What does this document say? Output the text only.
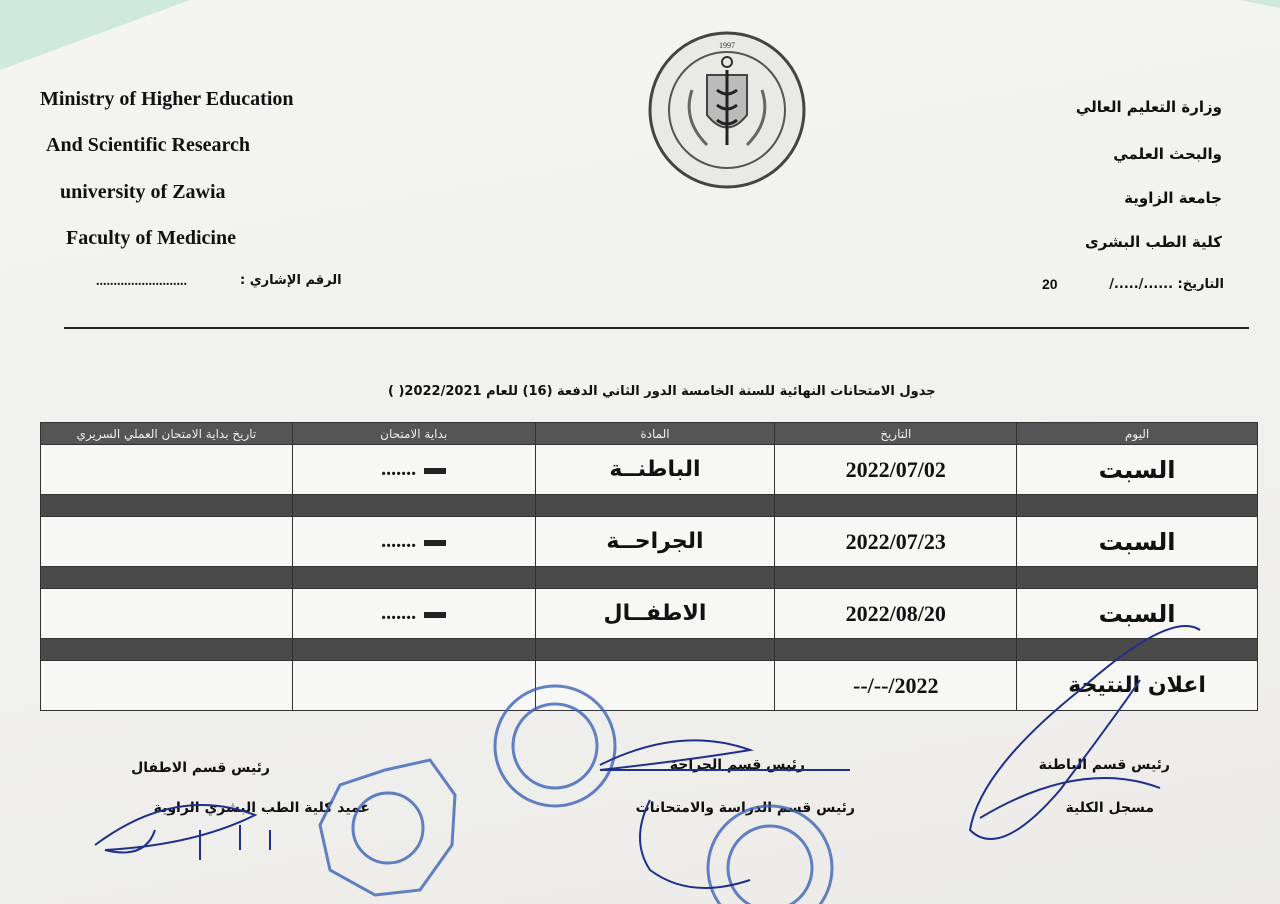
Ministry of Higher Education
And Scientific Research
university of Zawia
Faculty of Medicine
وزارة التعليم العالي
والبحث العلمي
جامعة الزاوية
كلية الطب البشرى
1997
التاريخ: ....../...../
20
الرقم الإشاري :
..........................
جدول الامتحانات النهائية للسنة الخامسة الدور الثاني الدفعة (16) للعام 2022/2021( )
اليوم	التاريخ	المادة	بداية الامتحان	تاريخ بداية الامتحان العملي السريري
السبت	2022/07/02	الباطنــة	.......	

السبت	2022/07/23	الجراحــة	.......	

السبت	2022/08/20	الاطفــال	.......	

اعلان النتيجة	2022/--/--			
رئيس قسم الباطنة
مسجل الكلية
رئيس قسم الجراحة
رئيس قسم الدراسة والامتحانات
رئيس قسم الاطفال
عميد كلية الطب البشري الزاوية
